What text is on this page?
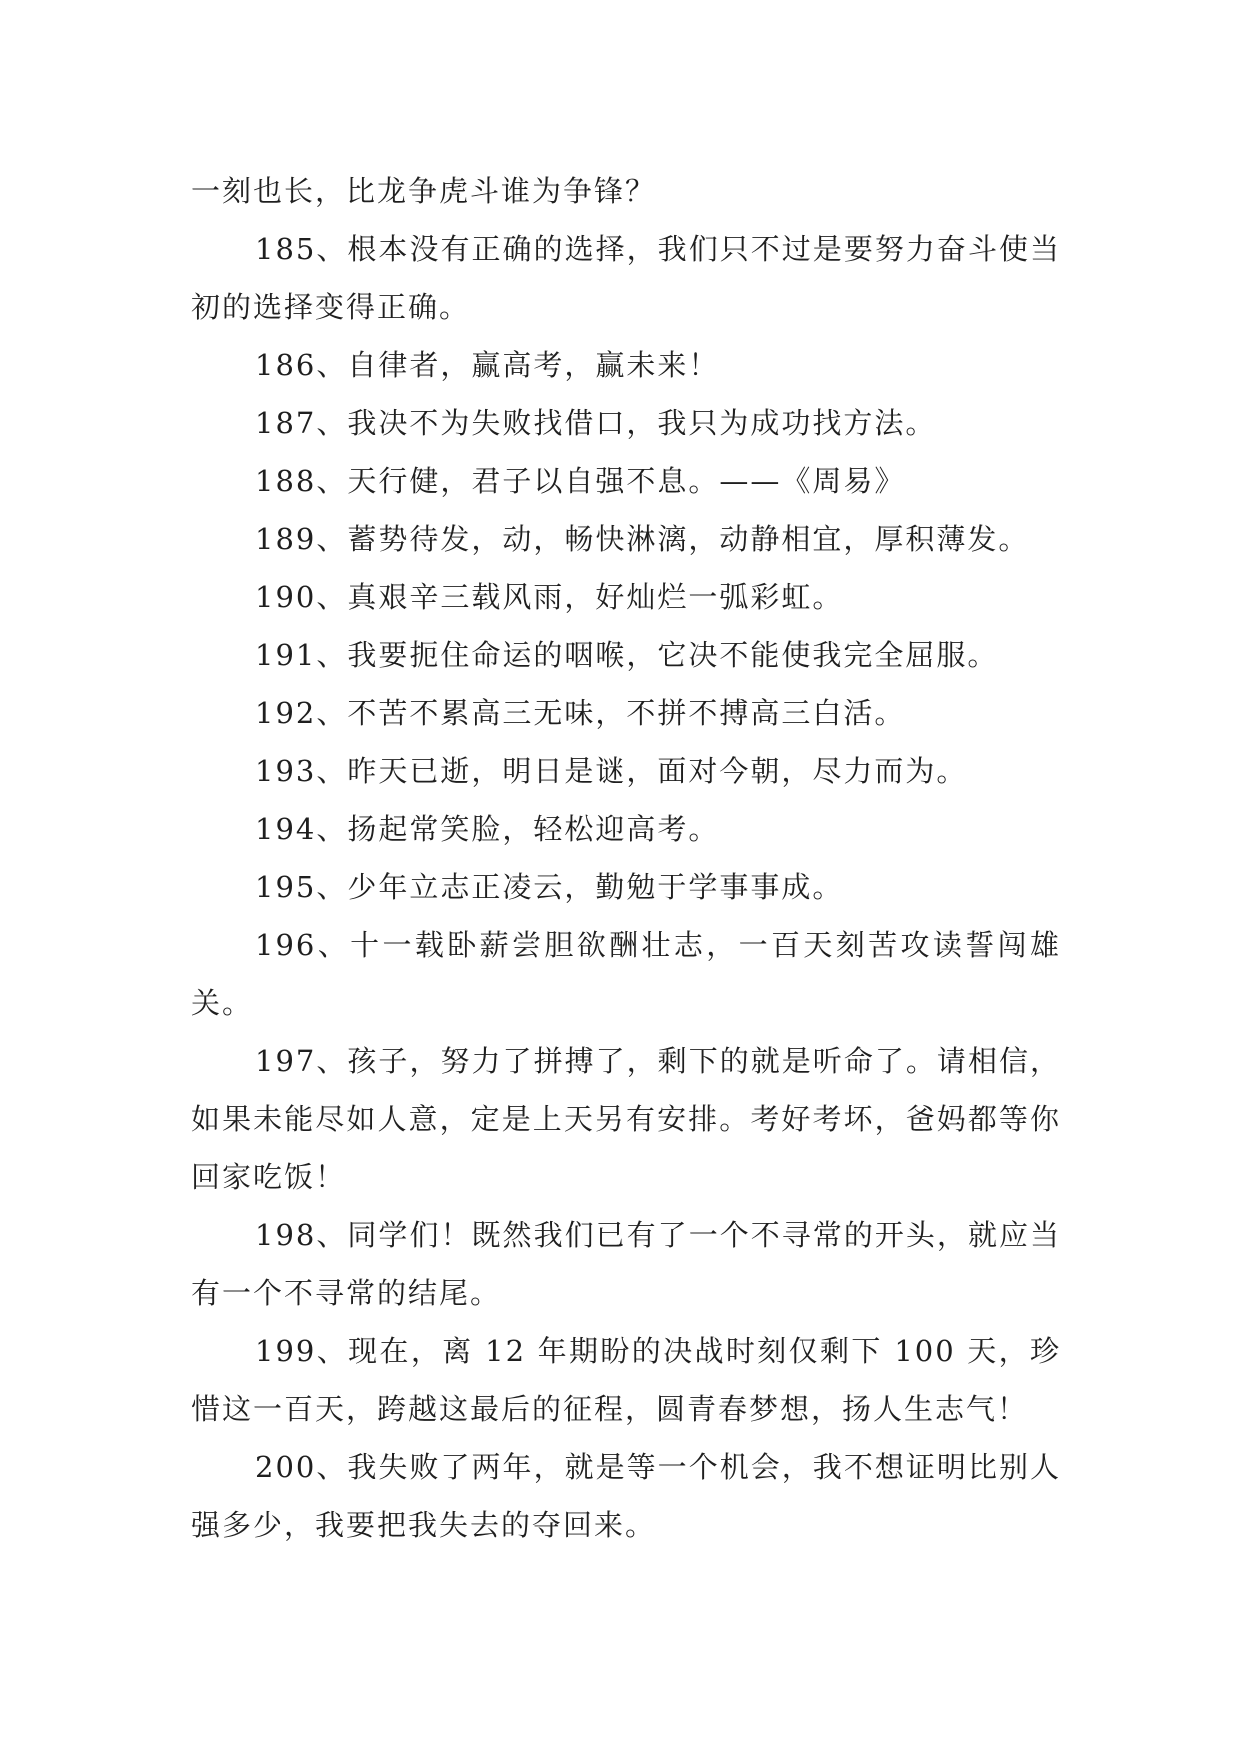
一刻也长，比龙争虎斗谁为争锋？

185、根本没有正确的选择，我们只不过是要努力奋斗使当初的选择变得正确。

186、自律者，赢高考，赢未来！

187、我决不为失败找借口，我只为成功找方法。

188、天行健，君子以自强不息。——《周易》

189、蓄势待发，动，畅快淋漓，动静相宜，厚积薄发。

190、真艰辛三载风雨，好灿烂一弧彩虹。

191、我要扼住命运的咽喉，它决不能使我完全屈服。

192、不苦不累高三无味，不拼不搏高三白活。

193、昨天已逝，明日是谜，面对今朝，尽力而为。

194、扬起常笑脸，轻松迎高考。

195、少年立志正凌云，勤勉于学事事成。

196、十一载卧薪尝胆欲酬壮志，一百天刻苦攻读誓闯雄关。

197、孩子，努力了拼搏了，剩下的就是听命了。请相信，如果未能尽如人意，定是上天另有安排。考好考坏，爸妈都等你回家吃饭！

198、同学们！既然我们已有了一个不寻常的开头，就应当有一个不寻常的结尾。

199、现在，离 12 年期盼的决战时刻仅剩下 100 天，珍惜这一百天，跨越这最后的征程，圆青春梦想，扬人生志气！

200、我失败了两年，就是等一个机会，我不想证明比别人强多少，我要把我失去的夺回来。
